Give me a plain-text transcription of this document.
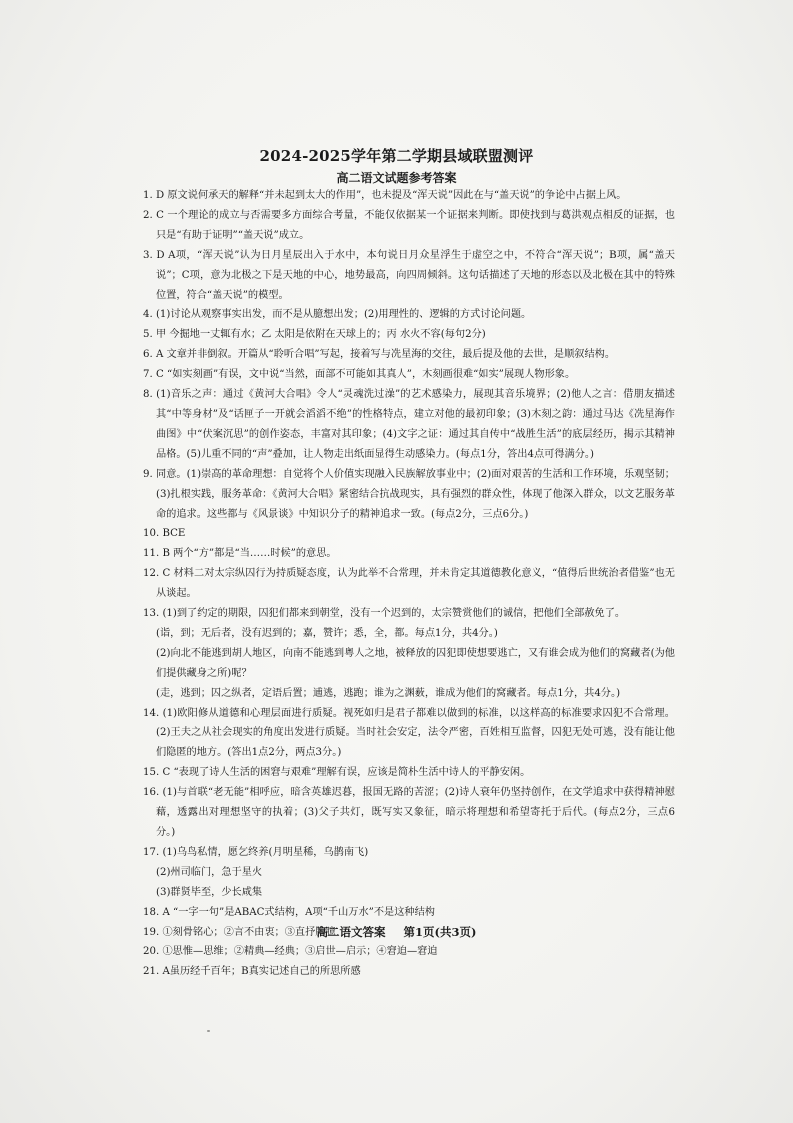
2024-2025学年第二学期县域联盟测评
高二语文试题参考答案

1. D 原文说何承天的解释“并未起到太大的作用”，也未提及“浑天说”因此在与“盖天说”的争论中占据上风。

2. C 一个理论的成立与否需要多方面综合考量，不能仅依据某一个证据来判断。即使找到与葛洪观点相反的证据，也只是“有助于证明”“盖天说”成立。

3. D A项，“浑天说”认为日月星辰出入于水中，本句说日月众星浮生于虚空之中，不符合“浑天说”；B项，属“盖天说”；C项，意为北极之下是天地的中心，地势最高，向四周倾斜。这句话描述了天地的形态以及北极在其中的特殊位置，符合“盖天说”的模型。

4. (1)讨论从观察事实出发，而不是从臆想出发；(2)用理性的、逻辑的方式讨论问题。

5. 甲 今掘地一丈辄有水；乙 太阳是依附在天球上的；丙 水火不容(每句2分)

6. A 文章并非倒叙。开篇从“聆听合唱”写起，接着写与冼星海的交往，最后提及他的去世，是顺叙结构。

7. C “如实刻画”有误，文中说“当然，面部不可能如其真人”，木刻画很难“如实”展现人物形象。

8. (1)音乐之声：通过《黄河大合唱》令人“灵魂洗过澡”的艺术感染力，展现其音乐境界；(2)他人之言：借朋友描述其“中等身材”及“话匣子一开就会滔滔不绝”的性格特点，建立对他的最初印象；(3)木刻之韵：通过马达《冼星海作曲图》中“伏案沉思”的创作姿态，丰富对其印象；(4)文字之证：通过其自传中“战胜生活”的底层经历，揭示其精神品格。(5)儿重不同的“声”叠加，让人物走出纸面显得生动感染力。(每点1分，答出4点可得满分。)

9. 同意。(1)崇高的革命理想：自觉将个人价值实现融入民族解放事业中；(2)面对艰苦的生活和工作环境，乐观坚韧；(3)扎根实践，服务革命：《黄河大合唱》紧密结合抗战现实，具有强烈的群众性，体现了他深入群众，以文艺服务革命的追求。这些都与《风景谈》中知识分子的精神追求一致。(每点2分，三点6分。)

10. BCE

11. B 两个“方”都是“当……时候”的意思。

12. C 材料二对太宗纵囚行为持质疑态度，认为此举不合常理，并未肯定其道德教化意义，“值得后世统治者借鉴”也无从谈起。

13. (1)到了约定的期限，囚犯们都来到朝堂，没有一个迟到的，太宗赞赏他们的诚信，把他们全部赦免了。

(诣，到；无后者，没有迟到的；嘉，赞许；悉，全，都。每点1分，共4分。)

(2)向北不能逃到胡人地区，向南不能逃到粤人之地，被释放的囚犯即使想要逃亡，又有谁会成为他们的窝藏者(为他们提供藏身之所)呢？

(走，逃到；囚之纵者，定语后置；逋逃，逃跑；谁为之渊薮，谁成为他们的窝藏者。每点1分，共4分。)

14. (1)欧阳修从道德和心理层面进行质疑。视死如归是君子都难以做到的标准，以这样高的标准要求囚犯不合常理。(2)王夫之从社会现实的角度出发进行质疑。当时社会安定，法令严密，百姓相互监督，囚犯无处可逃，没有能让他们隐匿的地方。(答出1点2分，两点3分。)

15. C “表现了诗人生活的困窘与艰难”理解有误，应该是简朴生活中诗人的平静安闲。

16. (1)与首联“老无能”相呼应，暗含英雄迟暮，报国无路的苦涩；(2)诗人衰年仍坚持创作，在文学追求中获得精神慰藉，透露出对理想坚守的执着；(3)父子共灯，既写实又象征，暗示将理想和希望寄托于后代。(每点2分，三点6分。)

17. (1)乌鸟私情，愿乞终养(月明星稀，乌鹊南飞)

(2)州司临门，急于星火

(3)群贤毕至，少长咸集

18. A “一字一句”是ABAC式结构，A项“千山万水”不是这种结构

19. ①刻骨铭心；②言不由衷；③直抒胸臆

20. ①思惟—思维；②精典—经典；③启世—启示；④窘迫—窘迫

21. A虽历经千百年；B真实记述自己的所思所感

高二语文答案 第1页(共3页)
